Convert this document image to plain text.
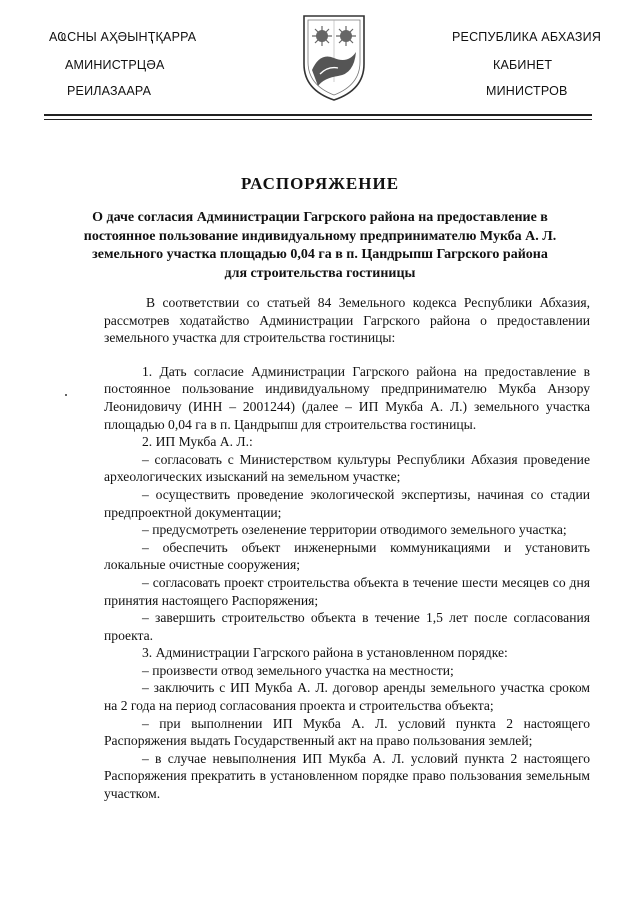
АҨСНЫ АҲӘЫНҬҚАРРА
АМИНИСТРЦӘА
РЕИЛАЗААРА
РЕСПУБЛИКА АБХАЗИЯ
КАБИНЕТ
МИНИСТРОВ
РАСПОРЯЖЕНИЕ
О даче согласия Администрации Гагрского района на предоставление в постоянное пользование индивидуальному предпринимателю Мукба А. Л. земельного участка площадью 0,04 га в п. Цандрыпш Гагрского района для строительства гостиницы

В соответствии со статьей 84 Земельного кодекса Республики Абхазия, рассмотрев ходатайство Администрации Гагрского района о предоставлении земельного участка для строительства гостиницы:

1. Дать согласие Администрации Гагрского района на предоставление в постоянное пользование индивидуальному предпринимателю Мукба Анзору Леонидовичу (ИНН – 2001244) (далее – ИП Мукба А. Л.) земельного участка площадью 0,04 га в п. Цандрыпш для строительства гостиницы.

2. ИП Мукба А. Л.:

– согласовать с Министерством культуры Республики Абхазия проведение археологических изысканий на земельном участке;

– осуществить проведение экологической экспертизы, начиная со стадии предпроектной документации;

– предусмотреть озеленение территории отводимого земельного участка;

– обеспечить объект инженерными коммуникациями и установить локальные очистные сооружения;

– согласовать проект строительства объекта в течение шести месяцев со дня принятия настоящего Распоряжения;

– завершить строительство объекта в течение 1,5 лет после согласования проекта.

3. Администрации Гагрского района в установленном порядке:

– произвести отвод земельного участка на местности;

– заключить с ИП Мукба А. Л. договор аренды земельного участка сроком на 2 года на период согласования проекта и строительства объекта;

– при выполнении ИП Мукба А. Л. условий пункта 2 настоящего Распоряжения выдать Государственный акт на право пользования землей;

– в случае невыполнения ИП Мукба А. Л. условий пункта 2 настоящего Распоряжения прекратить в установленном порядке право пользования земельным участком.
